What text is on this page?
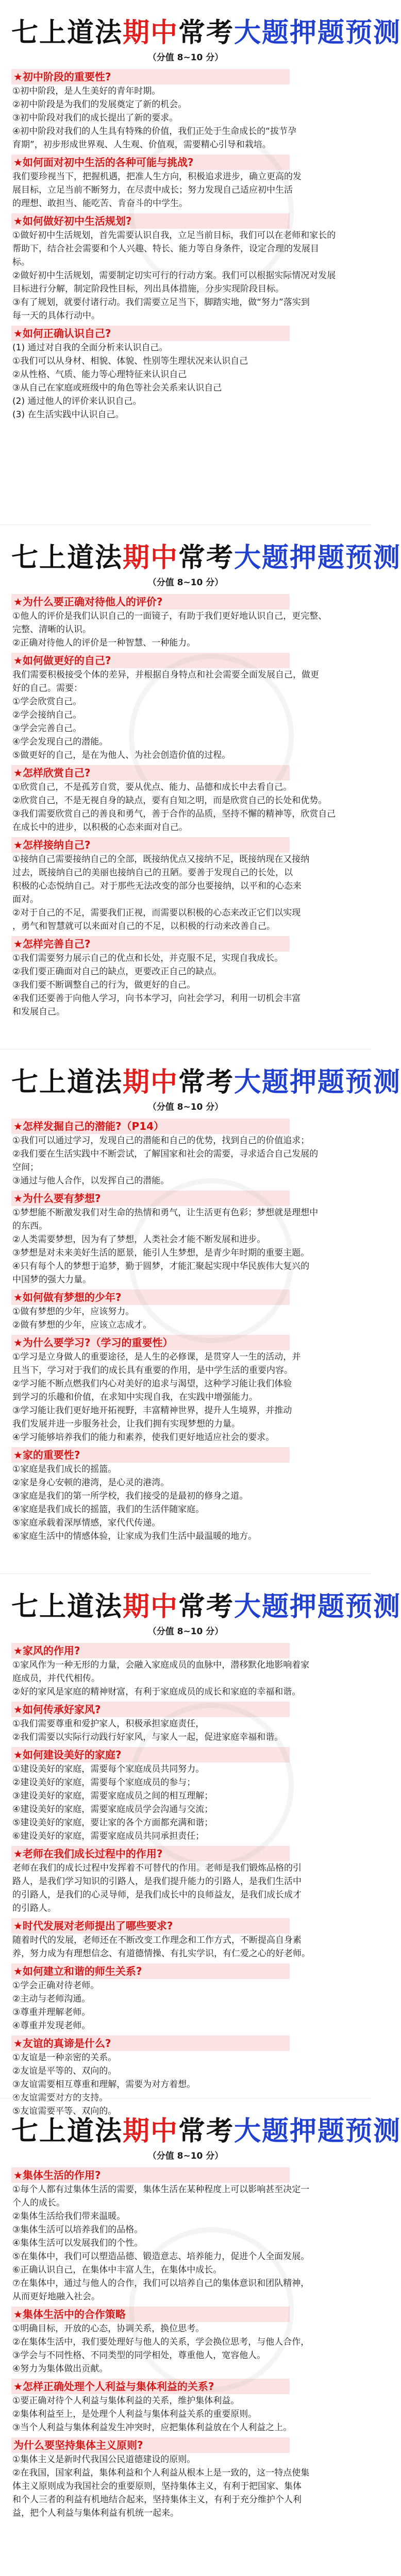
七上道法期中常考大题押题预测
（分值 8~10 分）
★初中阶段的重要性?
①初中阶段，是人生美好的青年时期。
②初中阶段是为我们的发展奠定了新的机会。
③初中阶段对我们的成长提出了新的要求。
④初中阶段对我们的人生具有特殊的价值，我们正处于生命成长的“拔节孕
育期”，初步形成世界观、人生观、价值观，需要精心引导和栽培。
★如何面对初中生活的各种可能与挑战?
我们要珍视当下，把握机遇，把准人生方向，积极追求进步，确立更高的发
展目标，立足当前不断努力，在尽责中成长；努力发现自己适应初中生活
的理想、敢担当、能吃苦、肯奋斗的中学生。
★如何做好初中生活规划?
①做好初中生活规划，首先需要认识自我，立足当前目标，我们可以在老师和家长的
帮助下，结合社会需要和个人兴趣、特长、能力等自身条件，设定合理的发展目
标。
②做好初中生活规划，需要制定切实可行的行动方案。我们可以根据实际情况对发展
目标进行分解，制定阶段性目标，列出具体措施，分步实现阶段目标。
③有了规划，就要付诸行动。我们需要立足当下，脚踏实地，做“努力”落实到
每一天的具体行动中。
★如何正确认识自己?
(1) 通过对自我的全面分析来认识自己。
①我们可以从身材、相貌、体貌、性别等生理状况来认识自己
②从性格、气质、能力等心理特征来认识自己
③从自己在家庭或班级中的角色等社会关系来认识自己
(2) 通过他人的评价来认识自己。
(3) 在生活实践中认识自己。
七上道法期中常考大题押题预测
（分值 8~10 分）
★为什么要正确对待他人的评价?
①他人的评价是我们认识自己的一面镜子，有助于我们更好地认识自己，更完整、
完整、清晰的认识。
②正确对待他人的评价是一种智慧、一种能力。
★如何做更好的自己?
我们需要积极接受个体的差异，并根据自身特点和社会需要全面发展自己，做更
好的自己。需要：
①学会欣赏自己。
②学会接纳自己。
③学会完善自己。
④学会发现自己的潜能。
⑤做更好的自己，是在为他人、为社会创造价值的过程。
★怎样欣赏自己?
①欣赏自己，不是孤芳自赏，要从优点、能力、品德和成长中去看自己。
②欣赏自己，不是无视自身的缺点，要有自知之明，而是欣赏自己的长处和优势。
③我们需要欣赏自己的善良和勇气，善于合作的品质，坚持不懈的精神等，欣赏自己
在成长中的进步，以积极的心态来面对自己。
★怎样接纳自己?
①接纳自己需要接纳自己的全部，既接纳优点又接纳不足，既接纳现在又接纳
过去，既接纳自己的美丽也接纳自己的丑陋。要善于发现自己的长处，以
积极的心态悦纳自己。对于那些无法改变的部分也要接纳，以平和的心态来
面对。
②对于自己的不足，需要我们正视，而需要以积极的心态来改正它们以实现
，勇气和智慧就可以来面对自己的不足，以积极的行动来改善自己。
★怎样完善自己?
①我们需要努力展示自己的优点和长处，并克服不足，实现自我成长。
②我们要正确面对自己的缺点，更要改正自己的缺点。
③我们要不断调整自己的行为，做更好的自己。
④我们还要善于向他人学习，向书本学习，向社会学习，利用一切机会丰富
和发展自己。
七上道法期中常考大题押题预测
（分值 8~10 分）
★怎样发掘自己的潜能?（P14）
①我们可以通过学习，发现自己的潜能和自己的优势，找到自己的价值追求；
②我们要在生活实践中不断尝试，了解国家和社会的需要，寻求适合自己发展的
空间；
③通过与他人合作，以发挥自己的潜能。
★为什么要有梦想?
①梦想能不断激发我们对生命的热情和勇气，让生活更有色彩；梦想就是理想中
的东西。
②人类需要梦想，因为有了梦想，人类社会才能不断发展和进步。
③梦想是对未来美好生活的愿景，能引人生梦想，是青少年时期的重要主题。
④只有每个人的梦想于追梦，勤于圆梦，才能汇聚起实现中华民族伟大复兴的
中国梦的强大力量。
★如何做有梦想的少年?
①做有梦想的少年，应该努力。
②做有梦想的少年，应该立志成才。
★为什么要学习?（学习的重要性）
①学习是立身做人的重要途径，是人生的必修课，是贯穿人一生的活动，并
且当下，学习对于我们的成长具有重要的作用，是中学生活的重要内容。
②学习能不断点燃我们内心对美好的追求与渴望，这种学习能让我们体验
到学习的乐趣和价值，在求知中实现自我，在实践中增强能力。
③学习能让我们更好地开拓视野，丰富精神世界，提升人生境界，并推动
我们发展并进一步服务社会，让我们拥有实现梦想的力量。
④学习能够培养我们的能力和素养，使我们更好地适应社会的要求。
★家的重要性?
①家庭是我们成长的摇篮。
②家是身心安顿的港湾，是心灵的港湾。
③家庭是我们的第一所学校，我们接受的是最初的修身之道。
④家庭是我们成长的摇篮，我们的生活伴随家庭。
⑤家庭承载着深厚情感，家代代传递。
⑥家庭生活中的情感体验，让家成为我们生活中最温暖的地方。
七上道法期中常考大题押题预测
（分值 8~10 分）
★家风的作用?
①家风作为一种无形的力量，会融入家庭成员的血脉中，潜移默化地影响着家
庭成员，并代代相传。
②好的家风是家庭的精神财富，有利于家庭成员的成长和家庭的幸福和谐。
★如何传承好家风?
①我们需要尊重和爱护家人，积极承担家庭责任，
②我们需要以实际行动践行好家风，与家人一起，促进家庭幸福和谐。
★如何建设美好的家庭?
①建设美好的家庭，需要每个家庭成员共同努力。
②建设美好的家庭，需要每个家庭成员的参与；
③建设美好的家庭，需要家庭成员之间的相互理解；
④建设美好的家庭，需要家庭成员学会沟通与交流；
⑤建设美好的家庭，要让家的各个方面都充满和谐；
⑥建设美好的家庭，需要家庭成员共同承担责任；
★老师在我们成长过程中的作用?
老师在我们的成长过程中发挥着不可替代的作用。老师是我们锻炼品格的引
路人，是我们学习知识的引路人，是我们提升能力的引路人，是我们生活中
的引路人，是我们的心灵导师，是我们成长中的良师益友，是我们成长成才
的引路人。
★时代发展对老师提出了哪些要求?
随着时代的发展，老师还在不断改变工作理念和工作方式，不断提高自身素
养，努力成为有理想信念、有道德情操、有扎实学识，有仁爱之心的好老师。
★如何建立和谐的师生关系?
①学会正确对待老师。
②主动与老师沟通。
③尊重并理解老师。
④尊重并发现老师。
★友谊的真谛是什么?
①友谊是一种亲密的关系。
②友谊是平等的、双向的。
③友谊需要相互尊重和理解，需要为对方着想。
④友谊需要对方的支持。
⑤友谊需要平等、双向的。
七上道法期中常考大题押题预测
（分值 8~10 分）
★集体生活的作用?
①每个人都有过集体生活的需要，集体生活在某种程度上可以影响甚至决定一
个人的成长。
②集体生活给我们带来温暖。
③集体生活可以培养我们的品格。
④集体生活可以发展我们的个性。
⑤在集体中，我们可以塑造品德、锻造意志、培养能力，促进个人全面发展。
⑥正确认识自己，在集体中丰富人生，在集体中成长。
⑦在集体中，通过与他人的合作，我们可以培养自己的集体意识和团队精神，
从而更好地融入社会。
★集体生活中的合作策略
①明确目标，开放的心态，协调关系，换位思考。
②在集体生活中，我们要处理好与他人的关系，学会换位思考，与他人合作，
③学会与不同性格、不同类型的同学相处，尊重他人，宽容他人。
④努力为集体做出贡献。
★怎样正确处理个人利益与集体利益的关系?
①要正确对待个人利益与集体利益的关系，维护集体利益。
②集体利益至上，是处理个人利益与集体利益关系的重要原则。
③当个人利益与集体利益发生冲突时，应把集体利益放在个人利益之上。
为什么要坚持集体主义原则?
①集体主义是新时代我国公民道德建设的原则。
②在我国，国家利益，集体利益和个人利益从根本上是一致的，这一特点使集
体主义原则成为我国社会的重要原则，坚持集体主义，有利于把国家、集体
和个人三者的利益有机地结合起来，坚持集体主义，有利于充分维护个人利
益，把个人利益与集体利益有机统一起来。
